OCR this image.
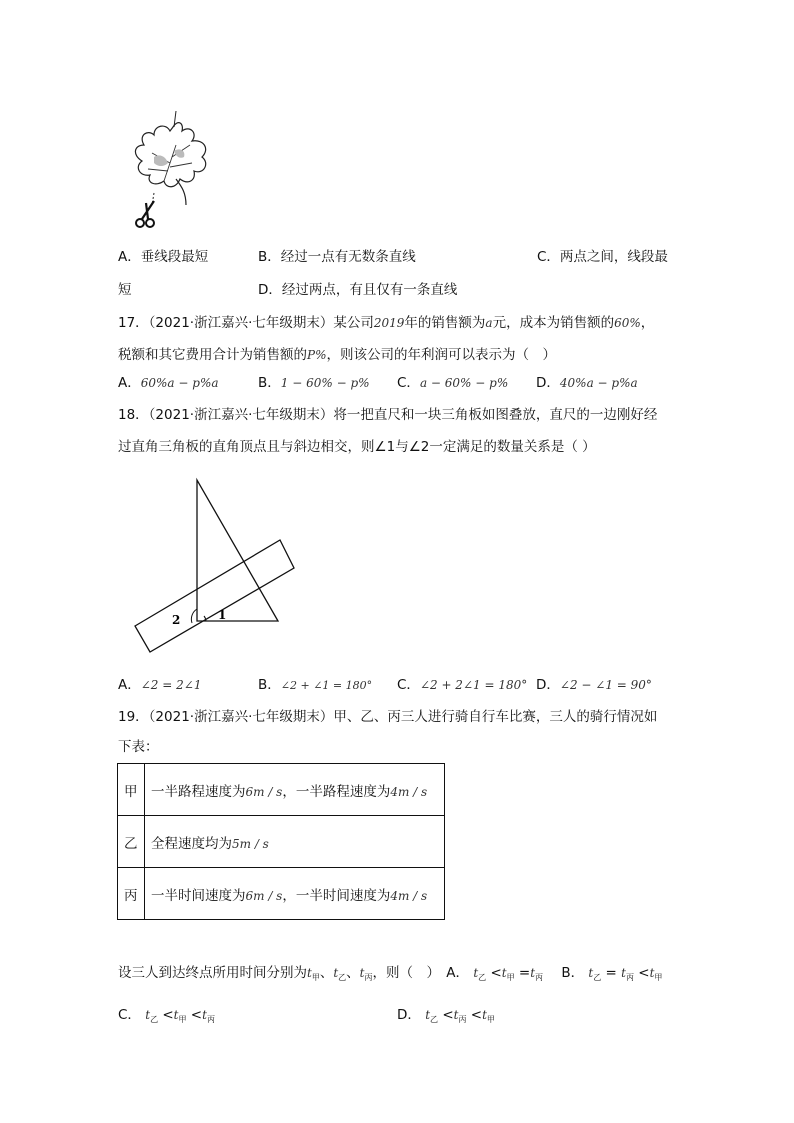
A．垂线段最短	B．经过一点有无数条直线	C．两点之间，线段最
短	D．经过两点，有且仅有一条直线
17．（2021·浙江嘉兴·七年级期末）某公司2019年的销售额为a元，成本为销售额的60%，
税额和其它费用合计为销售额的P%，则该公司的年利润可以表示为（　）
A．60%a − p%a	B．1 − 60% − p% C．a − 60% − p% D．40%a − p%a
18．（2021·浙江嘉兴·七年级期末）将一把直尺和一块三角板如图叠放，直尺的一边刚好经
过直角三角板的直角顶点且与斜边相交，则∠1与∠2一定满足的数量关系是（ ）
2	1
A．∠2 = 2∠1	B．∠2 + ∠1 = 180° C．∠2 + 2∠1 = 180° D．∠2 − ∠1 = 90°
19．（2021·浙江嘉兴·七年级期末）甲、乙、丙三人进行骑自行车比赛，三人的骑行情况如
下表：
甲	一半路程速度为6m / s，一半路程速度为4m / s
乙	全程速度均为5m / s
丙	一半时间速度为6m / s，一半时间速度为4m / s
设三人到达终点所用时间分别为$t_甲$、$t_乙$、$t_丙$，则（　） A． $t_乙 <t_甲 =t_丙$ B． $t_乙 = t_丙 <t_甲$
C． $t_乙 <t_甲 <t_丙$	D． $t_乙 <t_丙 <t_甲$
